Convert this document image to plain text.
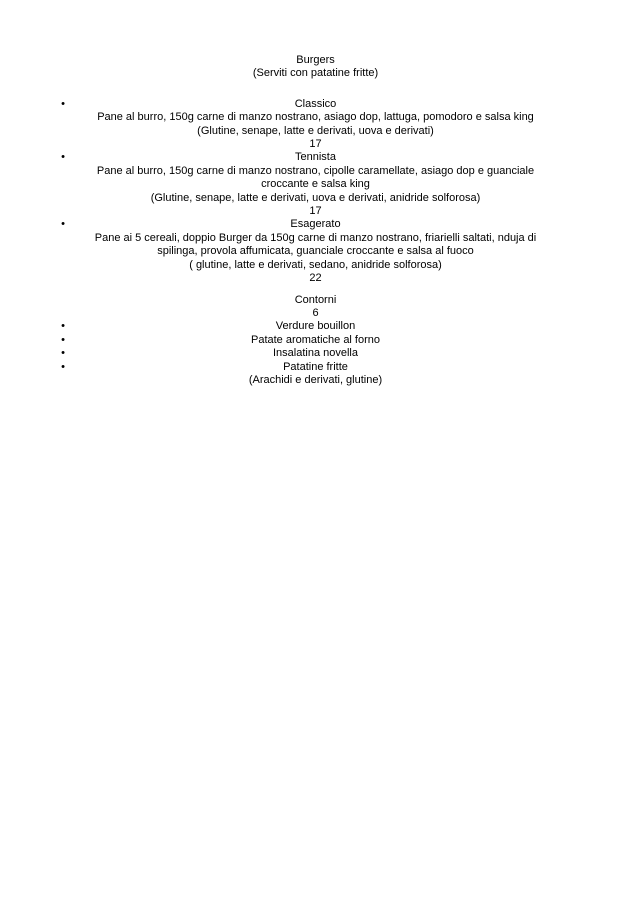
Burgers
(Serviti con patatine fritte)
•	Classico
Pane al burro, 150g carne di manzo nostrano, asiago dop, lattuga, pomodoro e salsa king
(Glutine, senape, latte e derivati, uova e derivati)
17
•	Tennista
Pane al burro, 150g carne di manzo nostrano, cipolle caramellate, asiago dop e guanciale
croccante e salsa king
(Glutine, senape, latte e derivati, uova e derivati, anidride solforosa)
17
•	Esagerato
Pane ai 5 cereali, doppio Burger da 150g carne di manzo nostrano, friarielli saltati, nduja di
spilinga, provola affumicata, guanciale croccante e salsa al fuoco
( glutine, latte e derivati, sedano, anidride solforosa)
22
Contorni
6
•	Verdure bouillon
•	Patate aromatiche al forno
•	Insalatina novella
•	Patatine fritte
(Arachidi e derivati, glutine)
